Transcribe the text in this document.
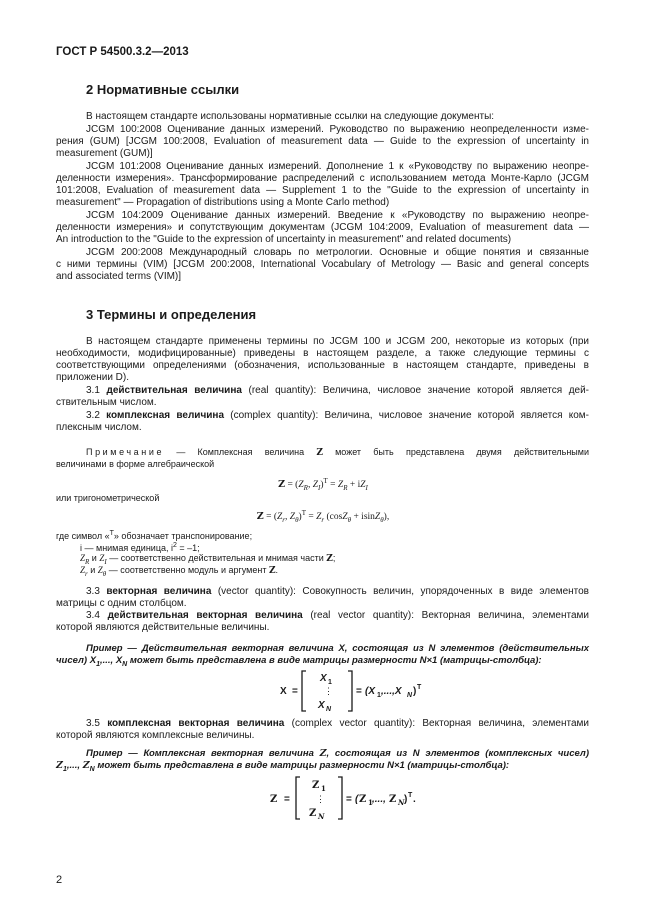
ГОСТ Р 54500.3.2—2013
2 Нормативные ссылки
В настоящем стандарте использованы нормативные ссылки на следующие документы:
JCGM 100:2008 Оценивание данных измерений. Руководство по выражению неопределенности изме-
рения (GUM) [JCGM 100:2008, Evaluation of measurement data — Guide to the expression of uncertainty in
measurement (GUM)]
JCGM 101:2008 Оценивание данных измерений. Дополнение 1 к «Руководству по выражению неопре-
деленности измерения». Трансформирование распределений с использованием метода Монте-Карло (JCGM
101:2008, Evaluation of measurement data — Supplement 1 to the "Guide to the expression of uncertainty in
measurement" — Propagation of distributions using a Monte Carlo method)
JCGM 104:2009 Оценивание данных измерений. Введение к «Руководству по выражению неопре-
деленности измерения» и сопутствующим документам (JCGM 104:2009, Evaluation of measurement data —
An introduction to the "Guide to the expression of uncertainty in measurement" and related documents)
JCGM 200:2008 Международный словарь по метрологии. Основные и общие понятия и связанные
с ними термины (VIM) [JCGM 200:2008, International Vocabulary of Metrology — Basic and general concepts
and associated terms (VIM)]
3 Термины и определения
В настоящем стандарте применены термины по JCGM 100 и JCGM 200, некоторые из которых (при
необходимости, модифицированные) приведены в настоящем разделе, а также следующие термины с
соответствующими определениями (обозначения, использованные в настоящем стандарте, приведены в
приложении D).
3.1 действительная величина (real quantity): Величина, числовое значение которой является дей-
ствительным числом.
3.2 комплексная величина (complex quantity): Величина, числовое значение которой является ком-
плексным числом.
Примечание — Комплексная величина Z может быть представлена двумя действительными
величинами в форме алгебраической
$Z = (Z_R$, $Z_I)^T = Z_R + iZ_I$
или тригонометрической
$Z = (Z_r$, $Z_\theta)^T = Z_r$ (cosZ$_\theta$ + isinZ$_\theta$),
где символ «$^T$» обозначает транспонирование;
i — мнимая единица, $i^2 = -1$;
$Z_R$ и $Z_I$ — соответственно действительная и мнимая части Z;
$Z_r$ и $Z_\theta$ — соответственно модуль и аргумент Z.
3.3 векторная величина (vector quantity): Совокупность величин, упорядоченных в виде элементов
матрицы с одним столбцом.
3.4 действительная векторная величина (real vector quantity): Векторная величина, элементами
которой являются действительные величины.
Пример — Действительная векторная величина X, состоящая из N элементов (действительных
чисел) $X_1$,..., $X_N$ может быть представлена в виде матрицы размерности N×1 (матрицы-столбца):
X =
X 1
⋮
X N
= (X 1 ,...,X N ) T
3.5 комплексная векторная величина (complex vector quantity): Векторная величина, элементами
которой являются комплексные величины.
Пример — Комплексная векторная величина Z, состоящая из N элементов (комплексных чисел)
$Z_1$,..., $Z_N$ может быть представлена в виде матрицы размерности N×1 (матрицы-столбца):
Z =
Z 1
⋮
Z N
= ( Z 1 ,..., Z N ) T .
2
